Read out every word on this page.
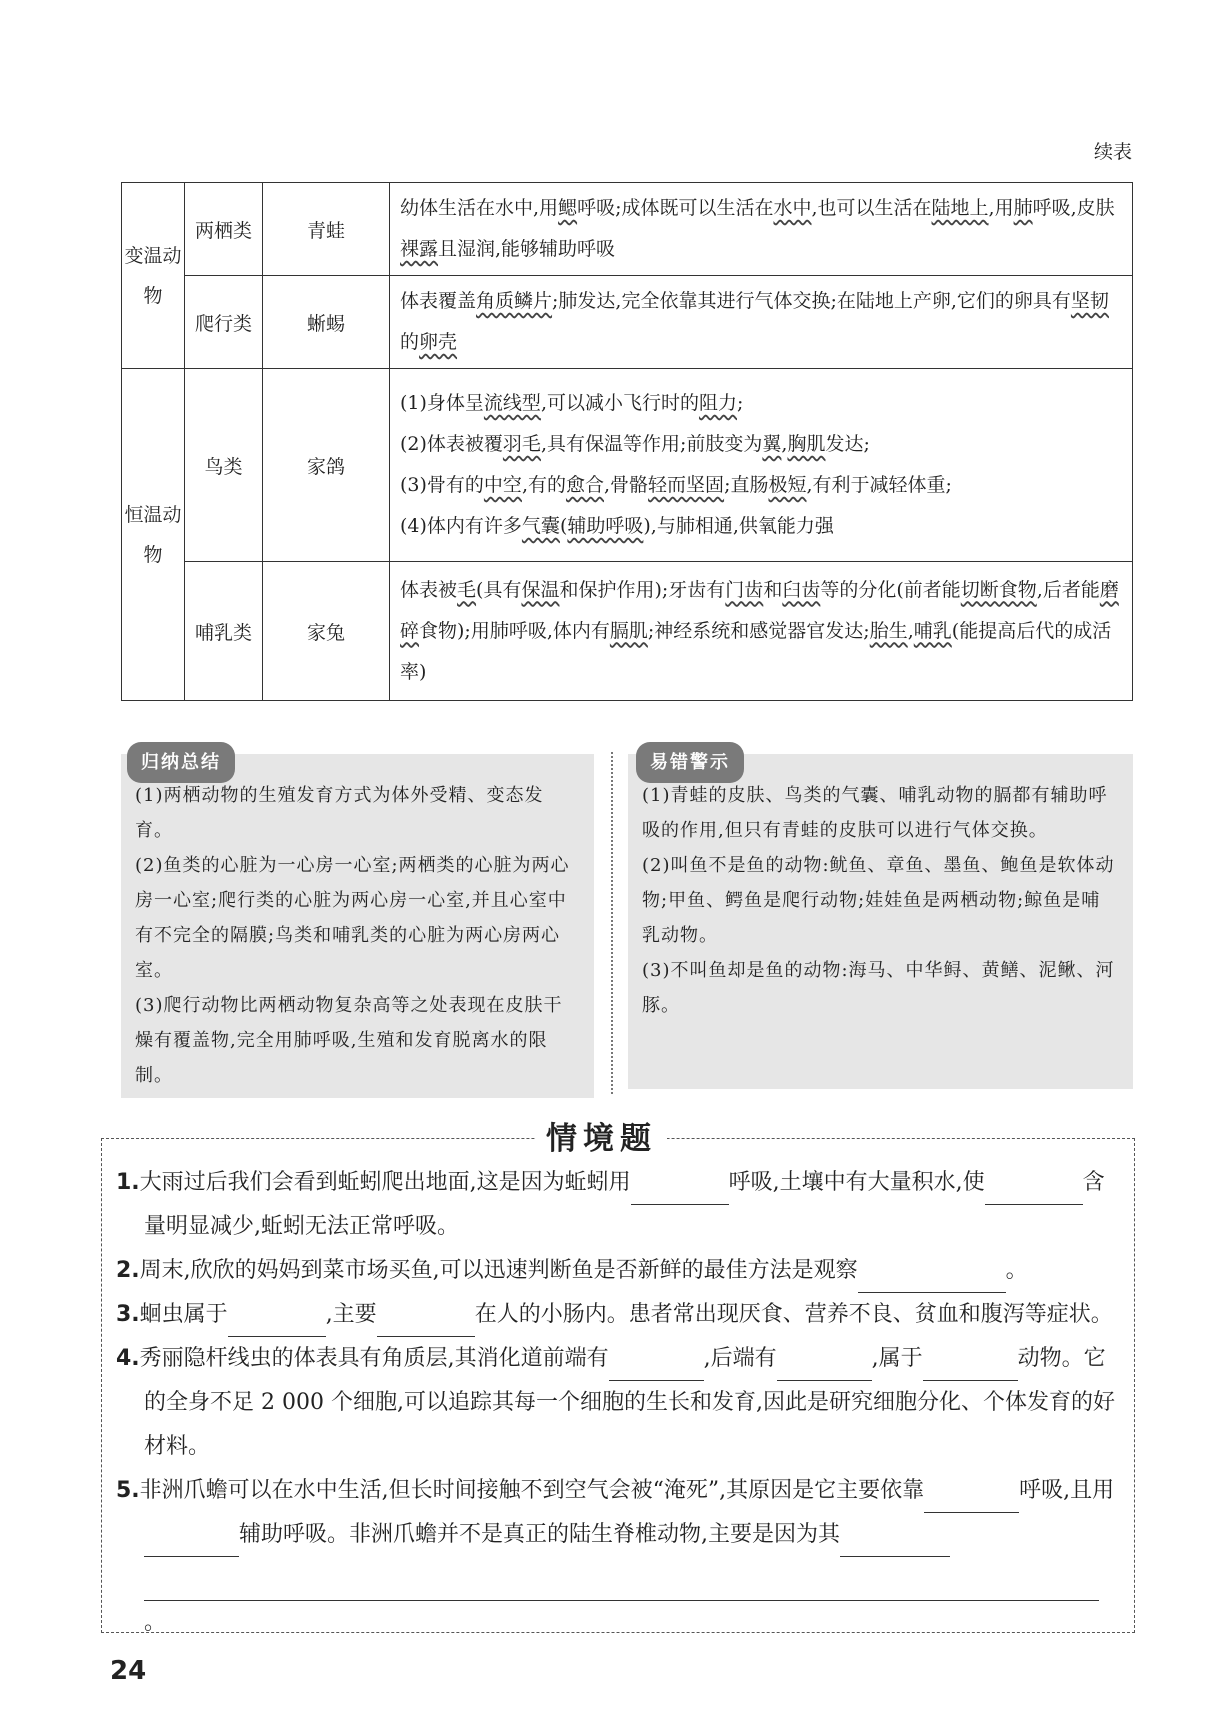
续表
变温动物	两栖类	青蛙	幼体生活在水中,用鳃呼吸;成体既可以生活在水中,也可以生活在陆地上,用肺呼吸,皮肤裸露且湿润,能够辅助呼吸
	爬行类	蜥蜴	体表覆盖角质鳞片;肺发达,完全依靠其进行气体交换;在陆地上产卵,它们的卵具有坚韧的卵壳
恒温动物	鸟类	家鸽	(1)身体呈流线型,可以减小飞行时的阻力;
(2)体表被覆羽毛,具有保温等作用;前肢变为翼,胸肌发达;
(3)骨有的中空,有的愈合,骨骼轻而坚固;直肠极短,有利于减轻体重;
(4)体内有许多气囊(辅助呼吸),与肺相通,供氧能力强

	哺乳类	家兔	体表被毛(具有保温和保护作用);牙齿有门齿和臼齿等的分化(前者能切断食物,后者能磨碎食物);用肺呼吸,体内有膈肌;神经系统和感觉器官发达;胎生,哺乳(能提高后代的成活率)
归纳总结
(1)两栖动物的生殖发育方式为体外受精、变态发育。
(2)鱼类的心脏为一心房一心室;两栖类的心脏为两心房一心室;爬行类的心脏为两心房一心室,并且心室中有不完全的隔膜;鸟类和哺乳类的心脏为两心房两心室。
(3)爬行动物比两栖动物复杂高等之处表现在皮肤干燥有覆盖物,完全用肺呼吸,生殖和发育脱离水的限制。
易错警示
(1)青蛙的皮肤、鸟类的气囊、哺乳动物的膈都有辅助呼吸的作用,但只有青蛙的皮肤可以进行气体交换。
(2)叫鱼不是鱼的动物:鱿鱼、章鱼、墨鱼、鲍鱼是软体动物;甲鱼、鳄鱼是爬行动物;娃娃鱼是两栖动物;鲸鱼是哺乳动物。
(3)不叫鱼却是鱼的动物:海马、中华鲟、黄鳝、泥鳅、河豚。
1.大雨过后我们会看到蚯蚓爬出地面,这是因为蚯蚓用	呼吸,土壤中有大量积水,使	含量明显减少,蚯蚓无法正常呼吸。
2.周末,欣欣的妈妈到菜市场买鱼,可以迅速判断鱼是否新鲜的最佳方法是观察	。
3.蛔虫属于	,主要	在人的小肠内。患者常出现厌食、营养不良、贫血和腹泻等症状。
4.秀丽隐杆线虫的体表具有角质层,其消化道前端有	,后端有	,属于	动物。它的全身不足 2 000 个细胞,可以追踪其每一个细胞的生长和发育,因此是研究细胞分化、个体发育的好材料。
5.非洲爪蟾可以在水中生活,但长时间接触不到空气会被“淹死”,其原因是它主要依靠	呼吸,且用辅助呼吸。非洲爪蟾并不是真正的陆生脊椎动物,主要是因为其
。
情境题
24
